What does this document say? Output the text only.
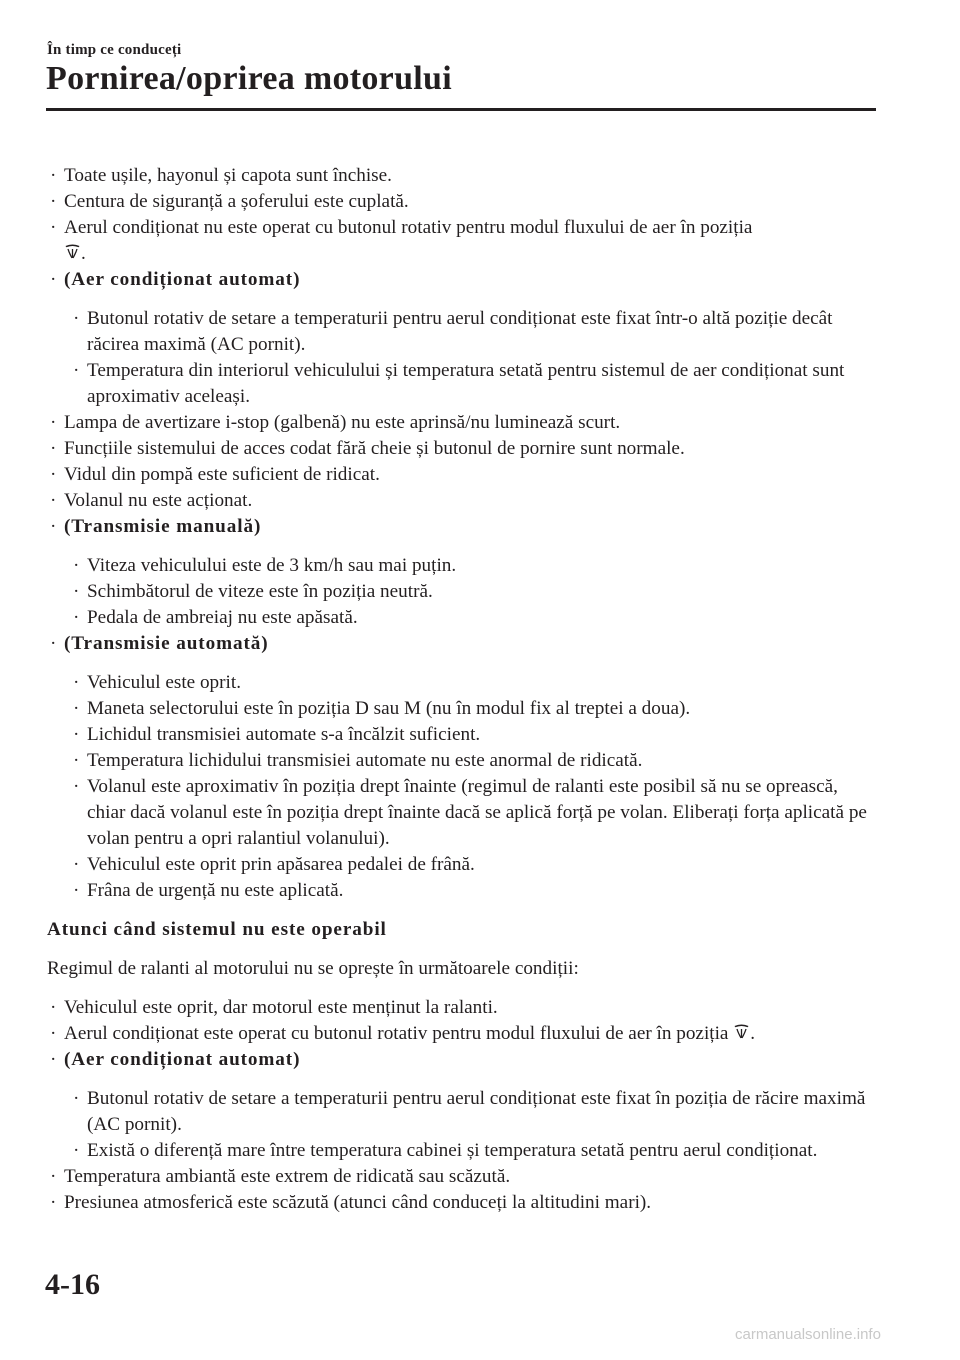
În timp ce conduceți
Pornirea/oprirea motorului
· Toate ușile, hayonul și capota sunt închise.
· Centura de siguranță a șoferului este cuplată.
· Aerul condiționat nu este operat cu butonul rotativ pentru modul fluxului de aer în poziția
.
· (Aer condiționat automat)
· Butonul rotativ de setare a temperaturii pentru aerul condiționat este fixat într-o altă poziție decât răcirea maximă (AC pornit).
· Temperatura din interiorul vehiculului și temperatura setată pentru sistemul de aer condiționat sunt aproximativ aceleași.
· Lampa de avertizare i-stop (galbenă) nu este aprinsă/nu luminează scurt.
· Funcțiile sistemului de acces codat fără cheie și butonul de pornire sunt normale.
· Vidul din pompă este suficient de ridicat.
· Volanul nu este acționat.
· (Transmisie manuală)
· Viteza vehiculului este de 3 km/h sau mai puțin.
· Schimbătorul de viteze este în poziția neutră.
· Pedala de ambreiaj nu este apăsată.
· (Transmisie automată)
· Vehiculul este oprit.
· Maneta selectorului este în poziția D sau M (nu în modul fix al treptei a doua).
· Lichidul transmisiei automate s-a încălzit suficient.
· Temperatura lichidului transmisiei automate nu este anormal de ridicată.
· Volanul este aproximativ în poziția drept înainte (regimul de ralanti este posibil să nu se oprească, chiar dacă volanul este în poziția drept înainte dacă se aplică forță pe volan. Eliberați forța aplicată pe volan pentru a opri ralantiul volanului).
· Vehiculul este oprit prin apăsarea pedalei de frână.
· Frâna de urgență nu este aplicată.
Atunci când sistemul nu este operabil
Regimul de ralanti al motorului nu se oprește în următoarele condiții:
· Vehiculul este oprit, dar motorul este menținut la ralanti.
· Aerul condiționat este operat cu butonul rotativ pentru modul fluxului de aer în poziția .
· (Aer condiționat automat)
· Butonul rotativ de setare a temperaturii pentru aerul condiționat este fixat în poziția de răcire maximă (AC pornit).
· Există o diferență mare între temperatura cabinei și temperatura setată pentru aerul condiționat.
· Temperatura ambiantă este extrem de ridicată sau scăzută.
· Presiunea atmosferică este scăzută (atunci când conduceți la altitudini mari).
4-16
carmanualsonline.info
